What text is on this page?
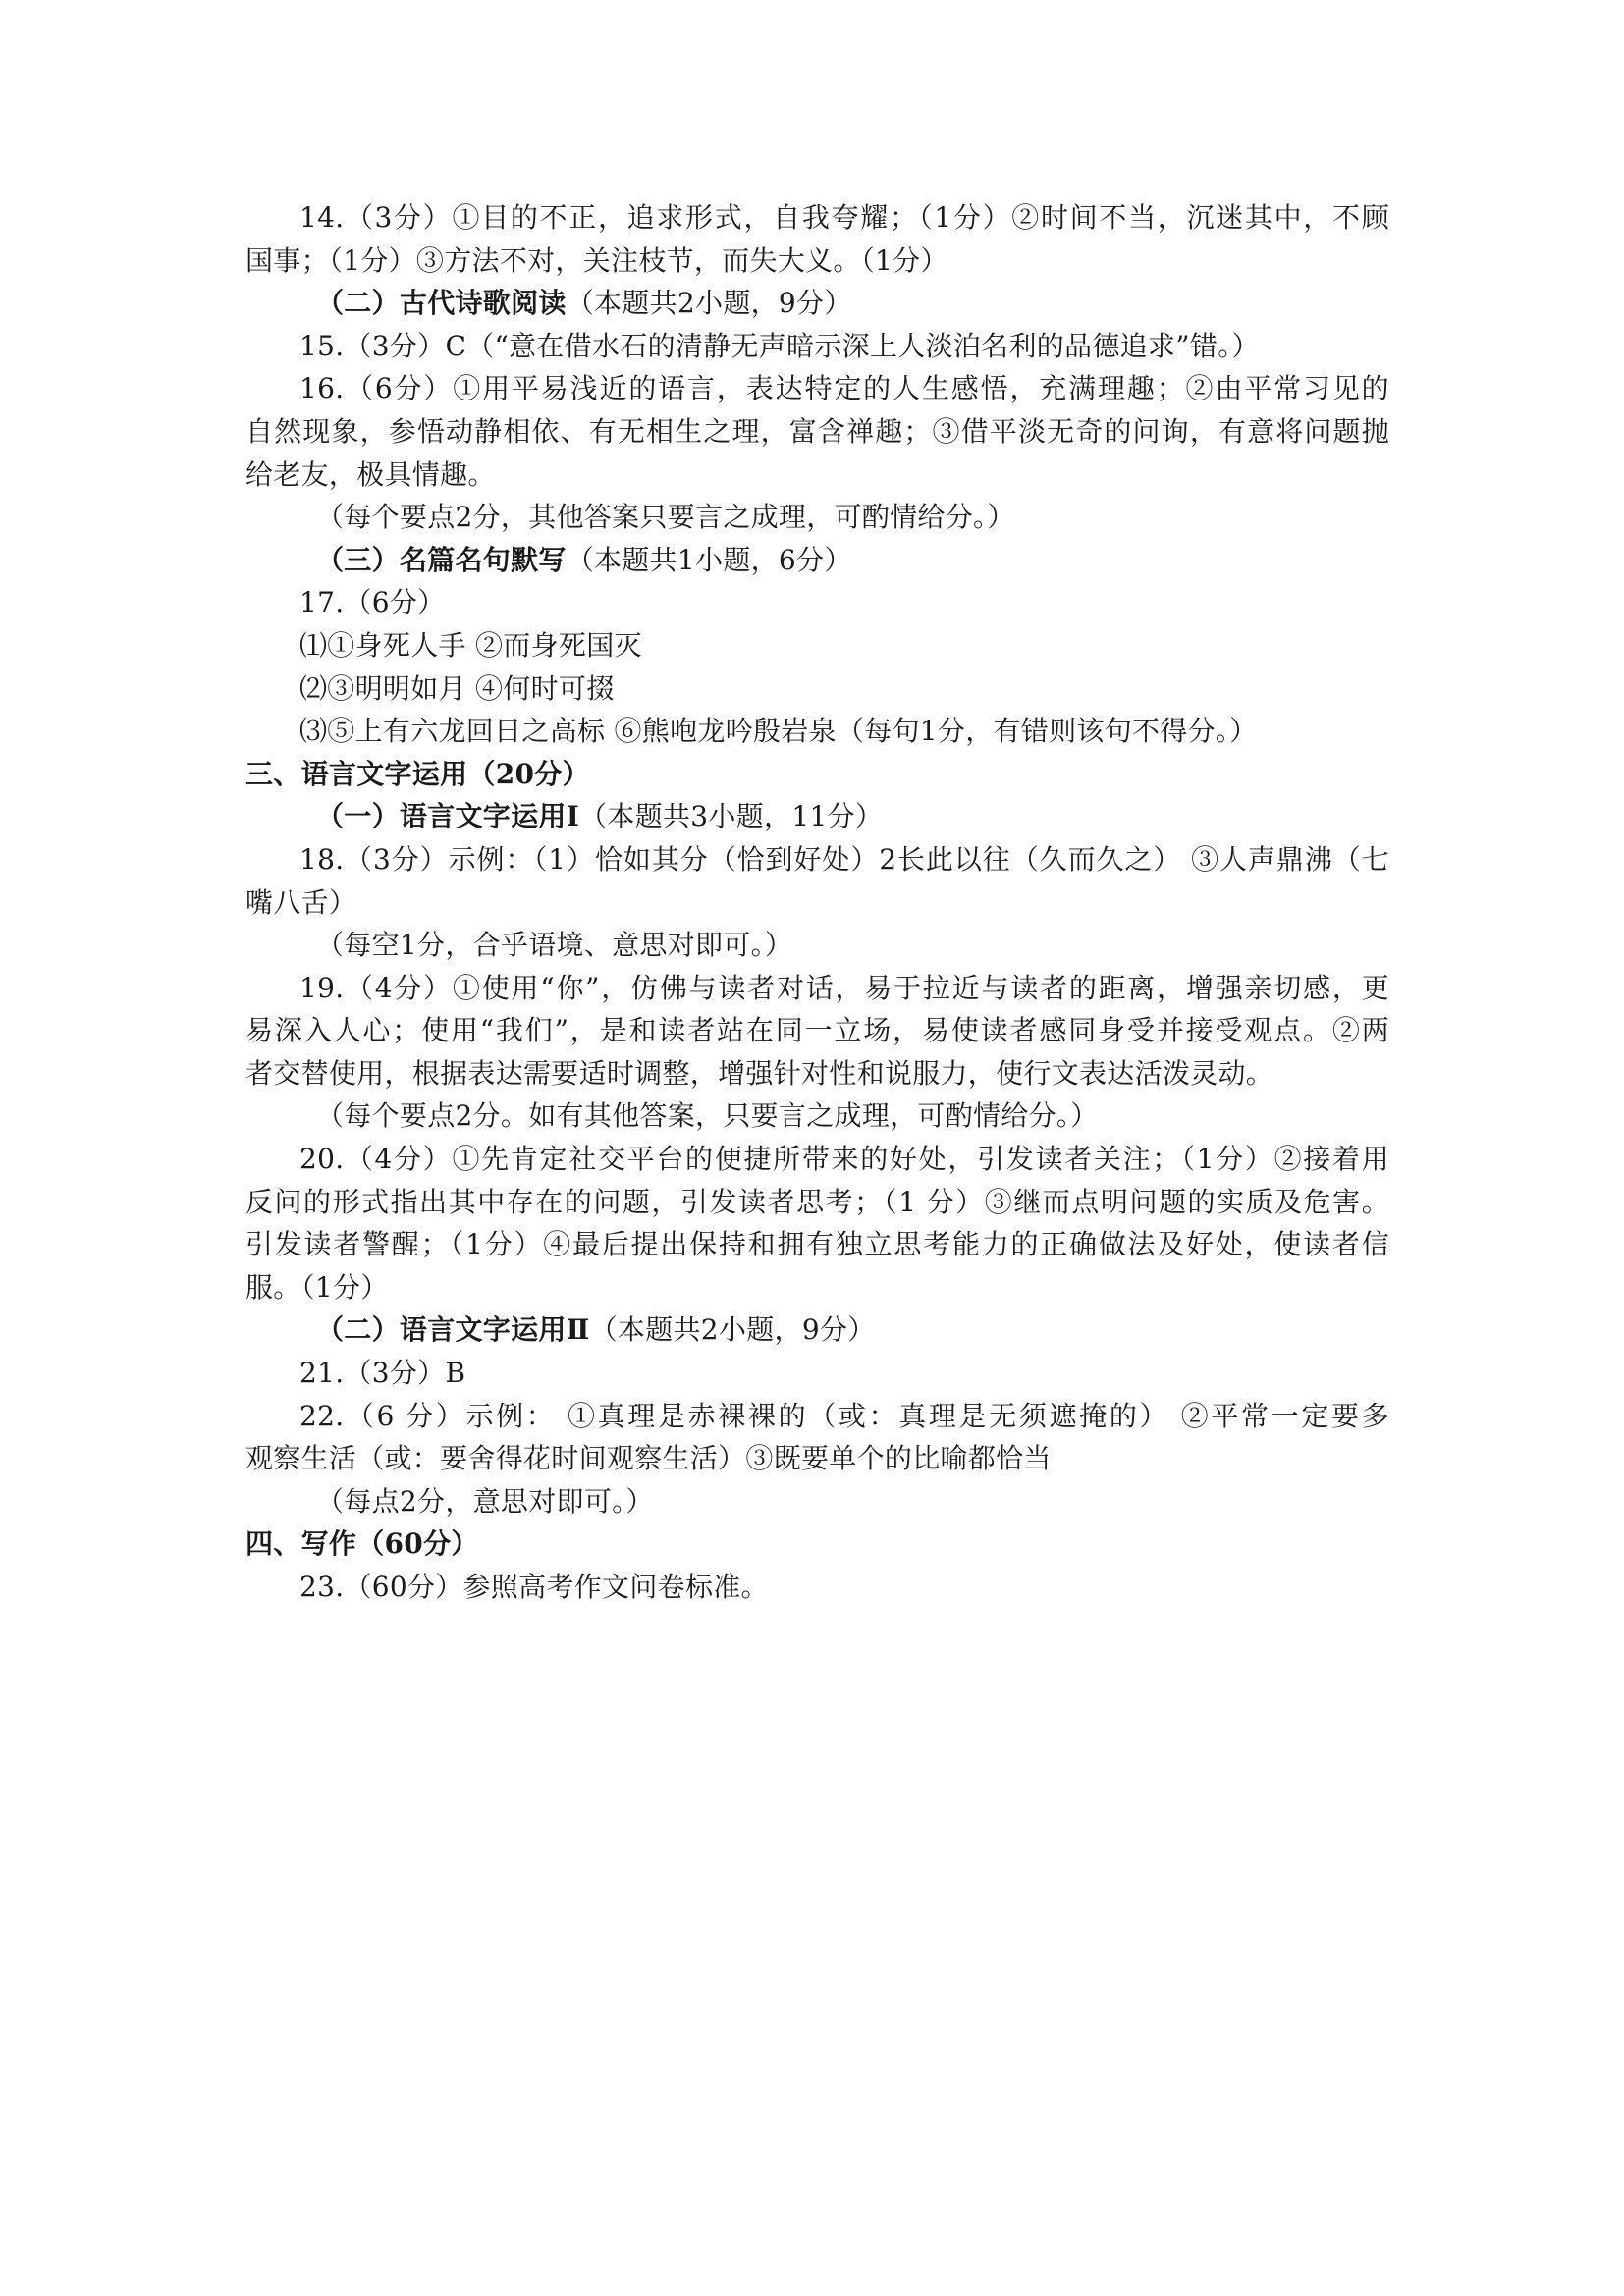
14.（3分）①目的不正，追求形式，自我夸耀；（1分）②时间不当，沉迷其中，不顾
国事；（1分）③方法不对，关注枝节，而失大义。（1分）
（二）古代诗歌阅读（本题共2小题，9分）
15.（3分）C（“意在借水石的清静无声暗示深上人淡泊名利的品德追求”错。）
16.（6分）①用平易浅近的语言，表达特定的人生感悟，充满理趣；②由平常习见的
自然现象，参悟动静相依、有无相生之理，富含禅趣；③借平淡无奇的问询，有意将问题抛
给老友，极具情趣。
（每个要点2分，其他答案只要言之成理，可酌情给分。）
（三）名篇名句默写（本题共1小题，6分）
17.（6分）
⑴①身死人手 ②而身死国灭
⑵③明明如月 ④何时可掇
⑶⑤上有六龙回日之高标 ⑥熊咆龙吟殷岩泉（每句1分，有错则该句不得分。）
三、语言文字运用（20分）
（一）语言文字运用Ⅰ（本题共3小题，11分）
18.（3分）示例：（1）恰如其分（恰到好处）2长此以往（久而久之） ③人声鼎沸（七
嘴八舌）
（每空1分，合乎语境、意思对即可。）
19.（4分）①使用“你”，仿佛与读者对话，易于拉近与读者的距离，增强亲切感，更
易深入人心；使用“我们”，是和读者站在同一立场，易使读者感同身受并接受观点。②两
者交替使用，根据表达需要适时调整，增强针对性和说服力，使行文表达活泼灵动。
（每个要点2分。如有其他答案，只要言之成理，可酌情给分。）
20.（4分）①先肯定社交平台的便捷所带来的好处，引发读者关注；（1分）②接着用
反问的形式指出其中存在的问题，引发读者思考；（1 分）③继而点明问题的实质及危害。
引发读者警醒；（1分）④最后提出保持和拥有独立思考能力的正确做法及好处，使读者信
服。（1分）
（二）语言文字运用Ⅱ（本题共2小题，9分）
21.（3分）B
22.（6 分）示例： ①真理是赤裸裸的（或：真理是无须遮掩的） ②平常一定要多
观察生活（或：要舍得花时间观察生活）③既要单个的比喻都恰当
（每点2分，意思对即可。）
四、写作（60分）
23.（60分）参照高考作文问卷标准。
